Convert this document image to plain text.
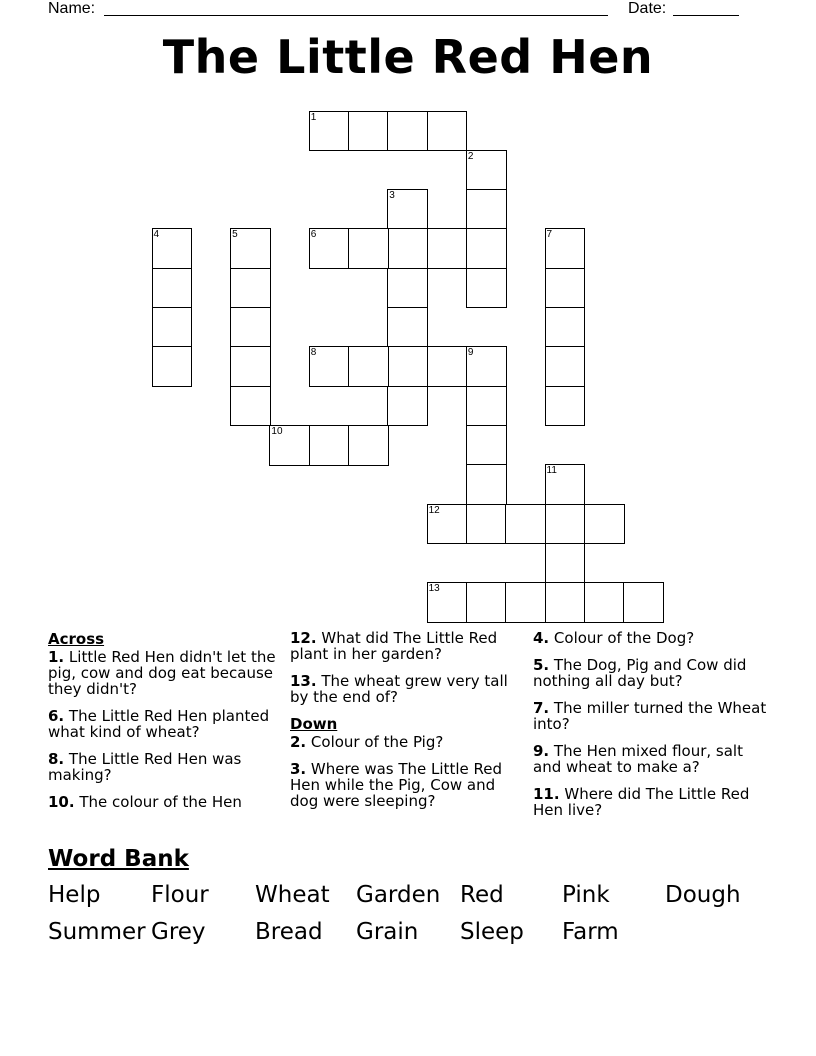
Name:	Date:
The Little Red Hen
1
2
3
4	5	6	7
8	9
10
11
12
13
Across
1. Little Red Hen didn't let the pig, cow and dog eat because they didn't?
6. The Little Red Hen planted what kind of wheat?
8. The Little Red Hen was making?
10. The colour of the Hen
12. What did The Little Red plant in her garden?
13. The wheat grew very tall by the end of?
Down
2. Colour of the Pig?
3. Where was The Little Red Hen while the Pig, Cow and dog were sleeping?
4. Colour of the Dog?
5. The Dog, Pig and Cow did nothing all day but?
7. The miller turned the Wheat into?
9. The Hen mixed flour, salt and wheat to make a?
11. Where did The Little Red Hen live?
Word Bank
Help Flour Wheat Garden Red	Pink Dough
Summer Grey Bread Grain Sleep Farm
